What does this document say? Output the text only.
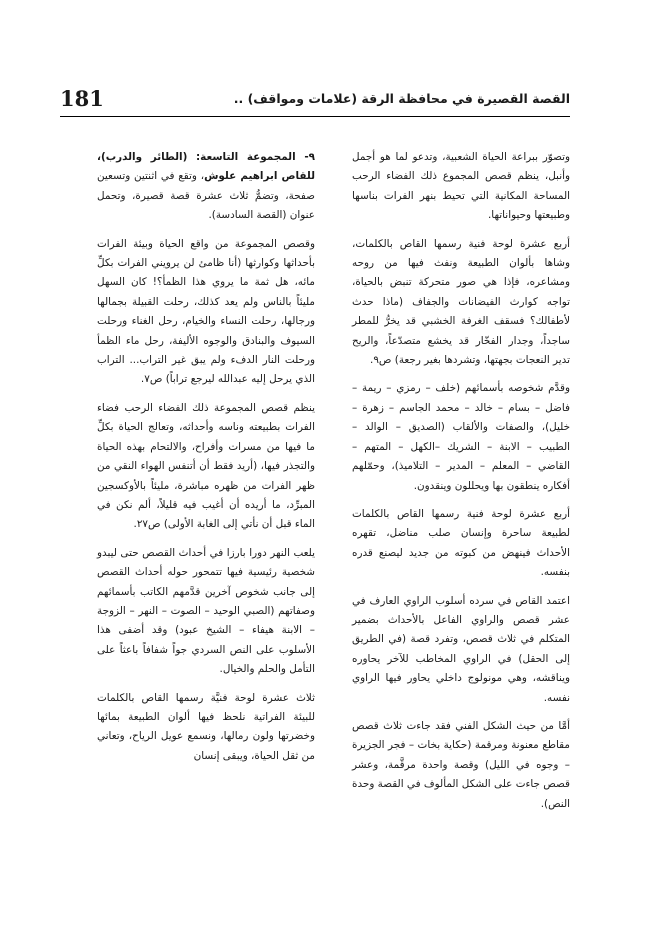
181	القصة القصيرة في محافظة الرقة (علامات ومواقف) ..

وتصوّر ببراعة الحياة الشعبية، وتدعو لما هو أجمل وأنبل، ينظم قصص المجموع ذلك الفضاء الرحب المساحة المكانية التي تحيط بنهر الفرات بناسها وطبيعتها وحيواناتها.

أربع عشرة لوحة فنية رسمها القاص بالكلمات، وشاها بألوان الطبيعة ونفث فيها من روحه ومشاعره، فإذا هي صور متحركة تنبض بالحياة، تواجه كوارث الفيضانات والجفاف (ماذا حدث لأطفالك؟ فسقف الغرفة الخشبي قد يخرُّ للمطر ساجداً، وجدار الفخّار قد يخشع متصدّعاً، والريح تدير النعجات بجهتها، وتشردها بغير رجعة) ص٩.

وقدَّم شخوصه بأسمائهم (خلف – رمزي – ريمة – فاضل – بسام – خالد – محمد الجاسم – زهرة – خليل)، والصفات والألقاب (الصديق – الوالد – الطبيب – الابنة – الشريك –الكهل – المتهم – القاضي – المعلم – المدير – التلاميذ)، وحمّلهم أفكاره ينطقون بها ويحللون وينقدون.

أربع عشرة لوحة فنية رسمها القاص بالكلمات لطبيعة ساحرة وإنسان صلب مناضل، تقهره الأحداث فينهض من كبوته من جديد ليصنع قدره بنفسه.

اعتمد القاص في سرده أسلوب الراوي العارف في عشر قصص والراوي الفاعل بالأحداث بضمير المتكلم في ثلاث قصص، وتفرد قصة (في الطريق إلى الحقل) في الراوي المخاطب للآخر يحاوره ويناقشه، وهي مونولوج داخلي يحاور فيها الراوي نفسه.

أمَّا من حيث الشكل الفني فقد جاءت ثلاث قصص مقاطع معنونة ومرقمة (حكاية بخات – فجر الجزيرة – وجوه في الليل) وقصة واحدة مرقَّمة، وعشر قصص جاءت على الشكل المألوف في القصة وحدة النص).

٩- المجموعة التاسعة: (الطائر والدرب)، للقاص ابراهيم علوش، وتقع في اثنتين وتسعين صفحة، وتضمُّ ثلاث عشرة قصة قصيرة، وتحمل عنوان (القصة السادسة).

وقصص المجموعة من واقع الحياة وبيئة الفرات بأحداثها وكوارثها (أنا ظامئ لن يرويني الفرات بكلِّ مائه، هل ثمة ما يروي هذا الظمأ؟! كان السهل مليئاً بالناس ولم يعد كذلك، رحلت القبيلة بجمالها ورجالها، رحلت النساء والخيام، رحل الغناء ورحلت السيوف والبنادق والوجوه الأليفة، رحل ماء الظمأ ورحلت النار الدفء ولم يبق غير التراب... التراب الذي يرحل إليه عبدالله ليرجع تراباً) ص٧.

ينظم قصص المجموعة ذلك الفضاء الرحب فضاء الفرات بطبيعته وناسه وأحداثه، وتعالج الحياة بكلِّ ما فيها من مسرات وأفراح، والالتحام بهذه الحياة والتجذر فيها، (أريد فقط أن أتنفس الهواء النقي من ظهر الفرات من ظهره مباشرة، مليئاً بالأوكسجين المبرِّد، ما أريده أن أغيب فيه قليلاً، ألم نكن في الماء قبل أن نأتي إلى الغابة الأولى) ص٢٧.

يلعب النهر دورا بارزا في أحداث القصص حتى ليبدو شخصية رئيسية فيها تتمحور حوله أحداث القصص إلى جانب شخوص آخرين قدَّمهم الكاتب بأسمائهم وصفاتهم (الصبي الوحيد – الصوت – النهر – الزوجة – الابنة هيفاء – الشيخ عبود) وقد أضفى هذا الأسلوب على النص السردي جواً شفافاً باعثاً على التأمل والحلم والخيال.

ثلاث عشرة لوحة فنيَّة رسمها القاص بالكلمات للبيئة الفراتية نلحظ فيها ألوان الطبيعة بمائها وخضرتها ولون رمالها، ونسمع عويل الرياح، وتعاني من ثقل الحياة، ويبقى إنسان
